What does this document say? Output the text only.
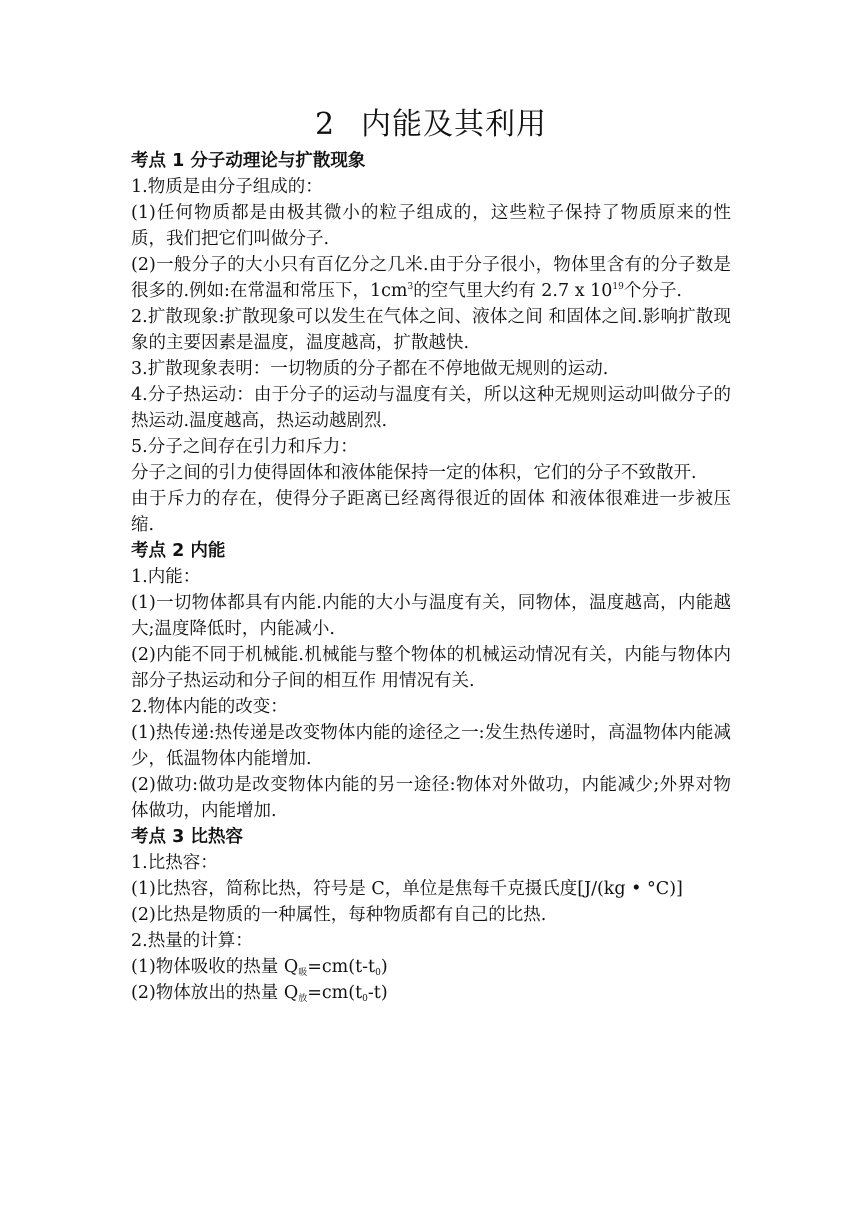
2 内能及其利用

考点 1 分子动理论与扩散现象

1.物质是由分子组成的：

(1)任何物质都是由极其微小的粒子组成的，这些粒子保持了物质原来的性质，我们把它们叫做分子.

(2)一般分子的大小只有百亿分之几米.由于分子很小，物体里含有的分子数是很多的.例如:在常温和常压下，$1cm^3$的空气里大约有 2.7 x $10^{19}$个分子.

2.扩散现象:扩散现象可以发生在气体之间、液体之间 和固体之间.影响扩散现象的主要因素是温度，温度越高，扩散越快.

3.扩散现象表明：一切物质的分子都在不停地做无规则的运动.

4.分子热运动：由于分子的运动与温度有关，所以这种无规则运动叫做分子的热运动.温度越高，热运动越剧烈.

5.分子之间存在引力和斥力：

分子之间的引力使得固体和液体能保持一定的体积，它们的分子不致散开.

由于斥力的存在，使得分子距离已经离得很近的固体 和液体很难进一步被压缩.

考点 2 内能

1.内能：

(1)一切物体都具有内能.内能的大小与温度有关，同物体，温度越高，内能越大;温度降低时，内能减小.

(2)内能不同于机械能.机械能与整个物体的机械运动情况有关，内能与物体内部分子热运动和分子间的相互作 用情况有关.

2.物体内能的改变：

(1)热传递:热传递是改变物体内能的途径之一:发生热传递时，高温物体内能减少，低温物体内能增加.

(2)做功:做功是改变物体内能的另一途径:物体对外做功，内能减少;外界对物体做功，内能增加.

考点 3 比热容

1.比热容：

(1)比热容，简称比热，符号是 C，单位是焦每千克摄氏度[J/(kg • °C)]

(2)比热是物质的一种属性，每种物质都有自己的比热.

2.热量的计算：

(1)物体吸收的热量 $Q_吸=cm(t-t_0)$

(2)物体放出的热量 $Q_放=cm(t_0-t)$
